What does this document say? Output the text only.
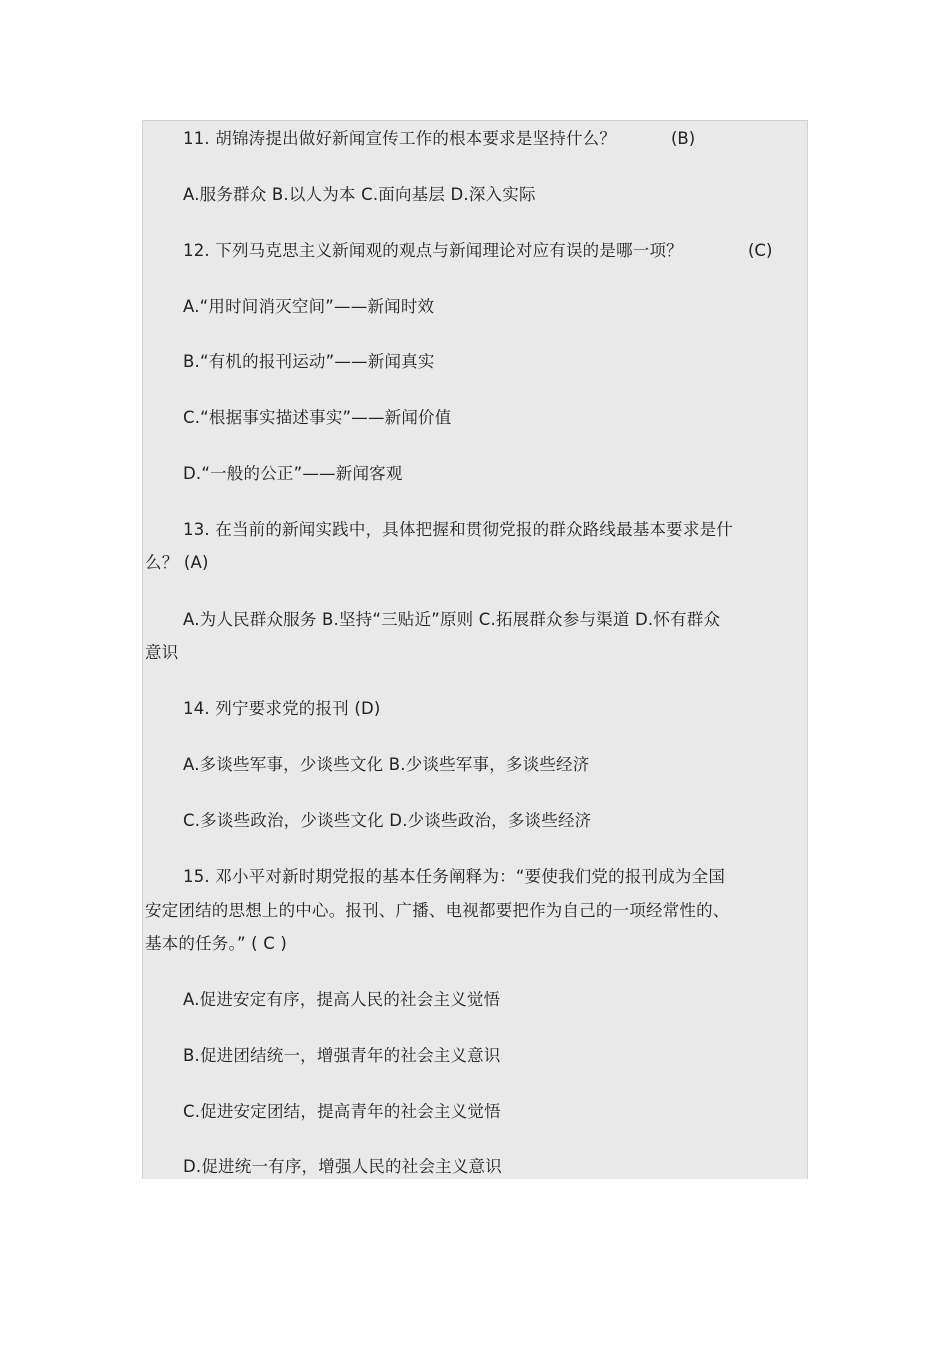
11. 胡锦涛提出做好新闻宣传工作的根本要求是坚持什么？	(B)
A.服务群众 B.以人为本 C.面向基层 D.深入实际
12. 下列马克思主义新闻观的观点与新闻理论对应有误的是哪一项？	(C)
A.“用时间消灭空间”——新闻时效
B.“有机的报刊运动”——新闻真实
C.“根据事实描述事实”——新闻价值
D.“一般的公正”——新闻客观
13. 在当前的新闻实践中，具体把握和贯彻党报的群众路线最基本要求是什
么？ (A)
A.为人民群众服务 B.坚持“三贴近”原则 C.拓展群众参与渠道 D.怀有群众
意识
14. 列宁要求党的报刊 (D)
A.多谈些军事，少谈些文化 B.少谈些军事，多谈些经济
C.多谈些政治，少谈些文化 D.少谈些政治，多谈些经济
15. 邓小平对新时期党报的基本任务阐释为：“要使我们党的报刊成为全国
安定团结的思想上的中心。报刊、广播、电视都要把作为自己的一项经常性的、
基本的任务。” ( C )
A.促进安定有序，提高人民的社会主义觉悟
B.促进团结统一，增强青年的社会主义意识
C.促进安定团结，提高青年的社会主义觉悟
D.促进统一有序，增强人民的社会主义意识
